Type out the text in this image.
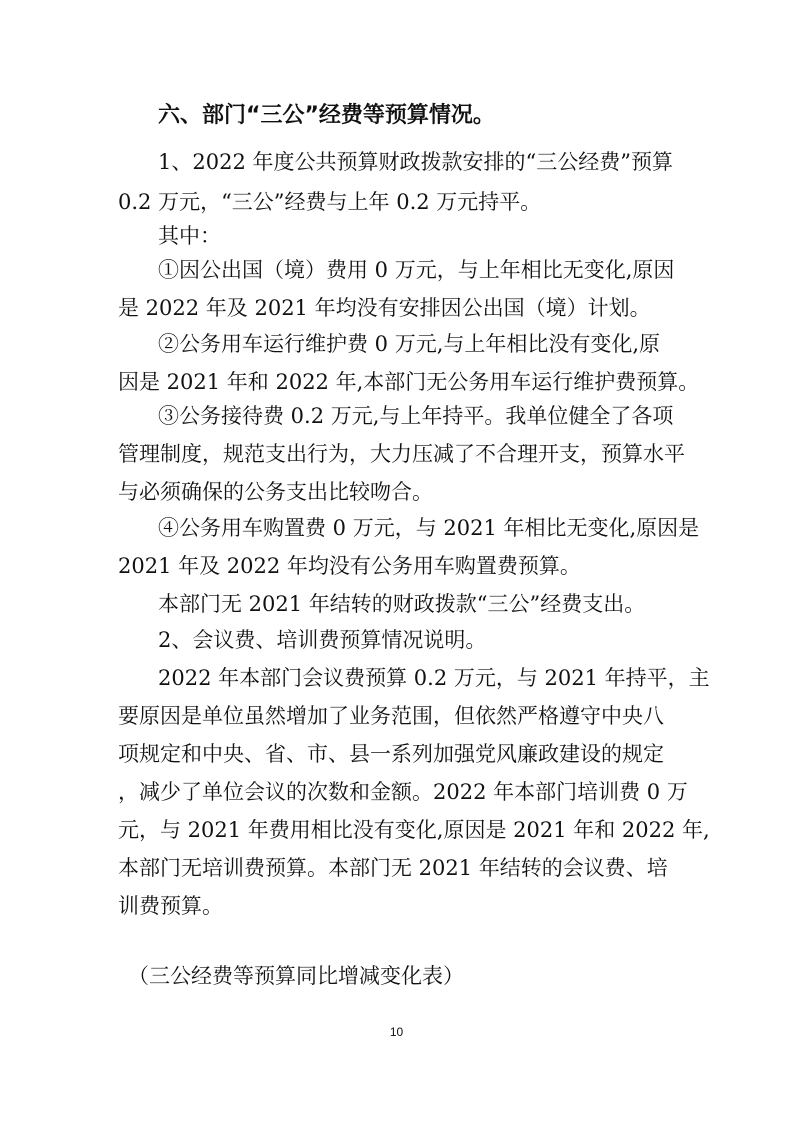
六、部门“三公”经费等预算情况。
1、2022 年度公共预算财政拨款安排的“三公经费”预算
0.2 万元，“三公”经费与上年 0.2 万元持平。
其中：
①因公出国（境）费用 0 万元，与上年相比无变化,原因
是 2022 年及 2021 年均没有安排因公出国（境）计划。
②公务用车运行维护费 0 万元,与上年相比没有变化,原
因是 2021 年和 2022 年,本部门无公务用车运行维护费预算。
③公务接待费 0.2 万元,与上年持平。我单位健全了各项
管理制度，规范支出行为，大力压减了不合理开支，预算水平
与必须确保的公务支出比较吻合。
④公务用车购置费 0 万元，与 2021 年相比无变化,原因是
2021 年及 2022 年均没有公务用车购置费预算。
本部门无 2021 年结转的财政拨款“三公”经费支出。
2、会议费、培训费预算情况说明。
2022 年本部门会议费预算 0.2 万元，与 2021 年持平，主
要原因是单位虽然增加了业务范围，但依然严格遵守中央八
项规定和中央、省、市、县一系列加强党风廉政建设的规定
，减少了单位会议的次数和金额。2022 年本部门培训费 0 万
元，与 2021 年费用相比没有变化,原因是 2021 年和 2022 年,
本部门无培训费预算。本部门无 2021 年结转的会议费、培
训费预算。
（三公经费等预算同比增减变化表）
10
